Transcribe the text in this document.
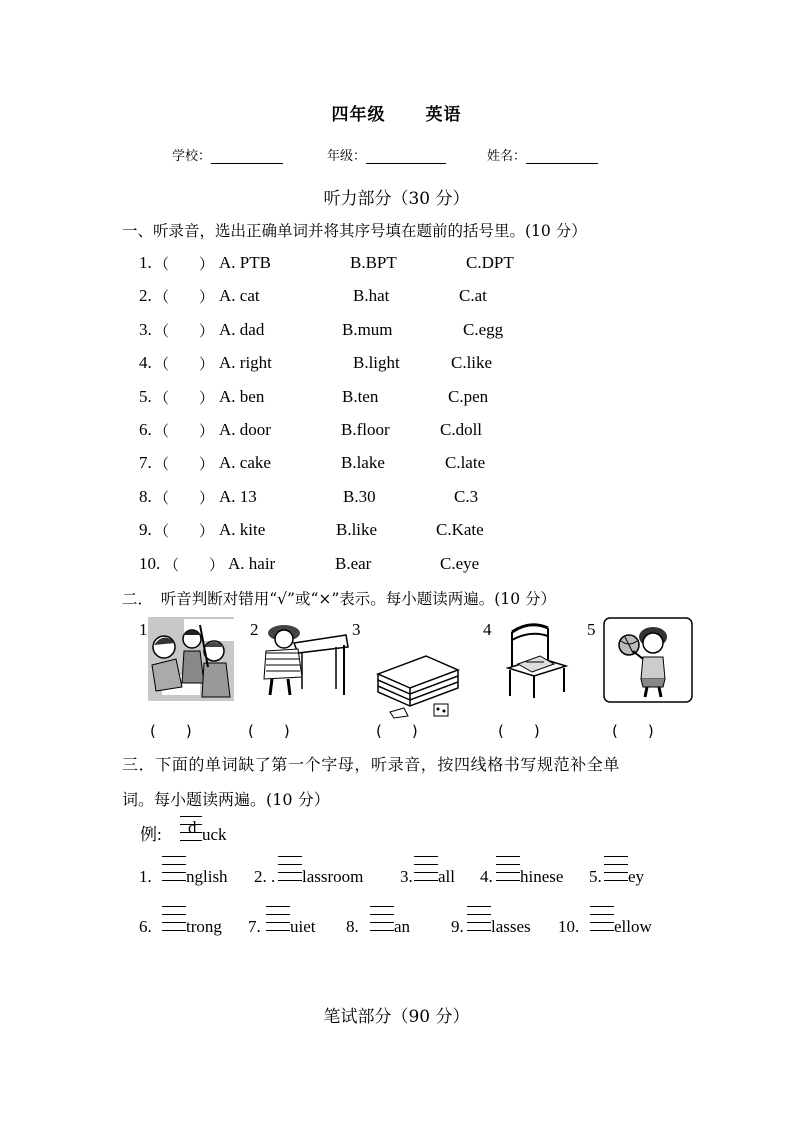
四年级 英语
学校：	年级：	姓名：
听力部分（30 分）
一、听录音，选出正确单词并将其序号填在题前的括号里。(10 分）
1. （　　） A. PTB	B.BPT	C.DPT
2. （　　） A. cat	B.hat	C.at
3. （　　） A. dad	B.mum	C.egg
4. （　　） A. right	B.light	C.like
5. （　　） A. ben	B.ten	C.pen
6. （　　） A. door	B.floor	C.doll
7. （　　） A. cake	B.lake	C.late
8. （　　） A. 13	B.30	C.3
9. （　　） A. kite	B.like	C.Kate
10. （　　） A. hair	B.ear	C.eye
二．　听音判断对错用“√”或“×”表示。每小题读两遍。(10 分）
1	2	3	4	5
(　　)	(　　)	(　　)	(　　)	(　　)
三．下面的单词缺了第一个字母，听录音，按四线格书写规范补全单
词。每小题读两遍。(10 分）
例: d uck
1. nglish 2. . lassroom 3. all 4. hinese 5. ey
6. trong 7. uiet 8. an 9. lasses 10. ellow
笔试部分（90 分）
